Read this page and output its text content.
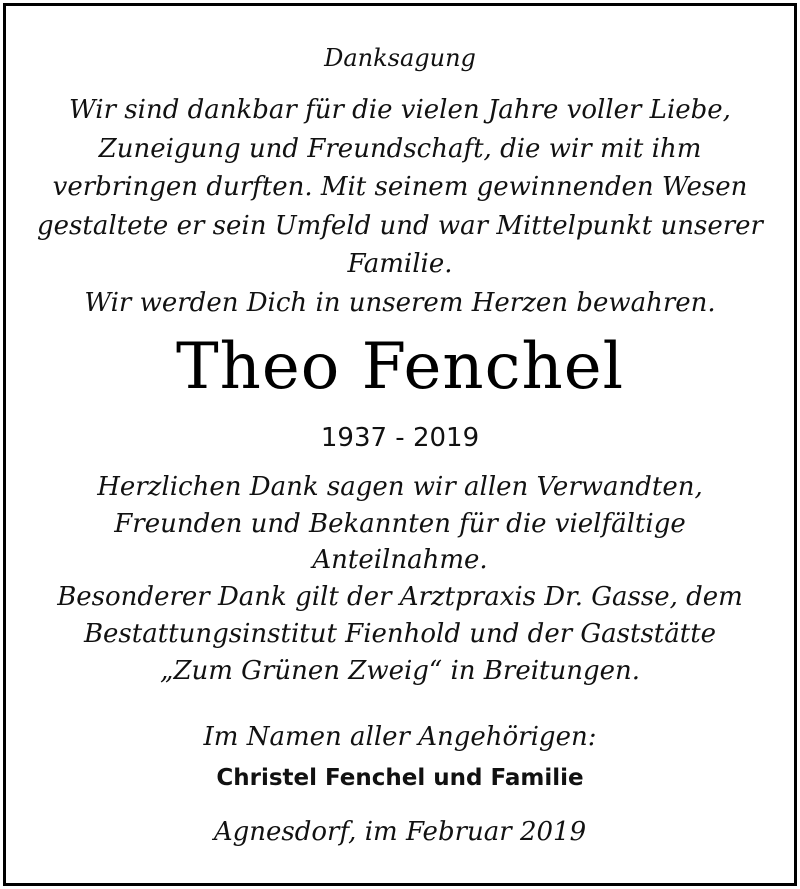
Danksagung
Wir sind dankbar für die vielen Jahre voller Liebe,
Zuneigung und Freundschaft, die wir mit ihm
verbringen durften. Mit seinem gewinnenden Wesen
gestaltete er sein Umfeld und war Mittelpunkt unserer
Familie.
Wir werden Dich in unserem Herzen bewahren.
Theo Fenchel
1937 - 2019
Herzlichen Dank sagen wir allen Verwandten,
Freunden und Bekannten für die vielfältige
Anteilnahme.
Besonderer Dank gilt der Arztpraxis Dr. Gasse, dem
Bestattungsinstitut Fienhold und der Gaststätte
„Zum Grünen Zweig“ in Breitungen.
Im Namen aller Angehörigen:
Christel Fenchel und Familie
Agnesdorf, im Februar 2019
